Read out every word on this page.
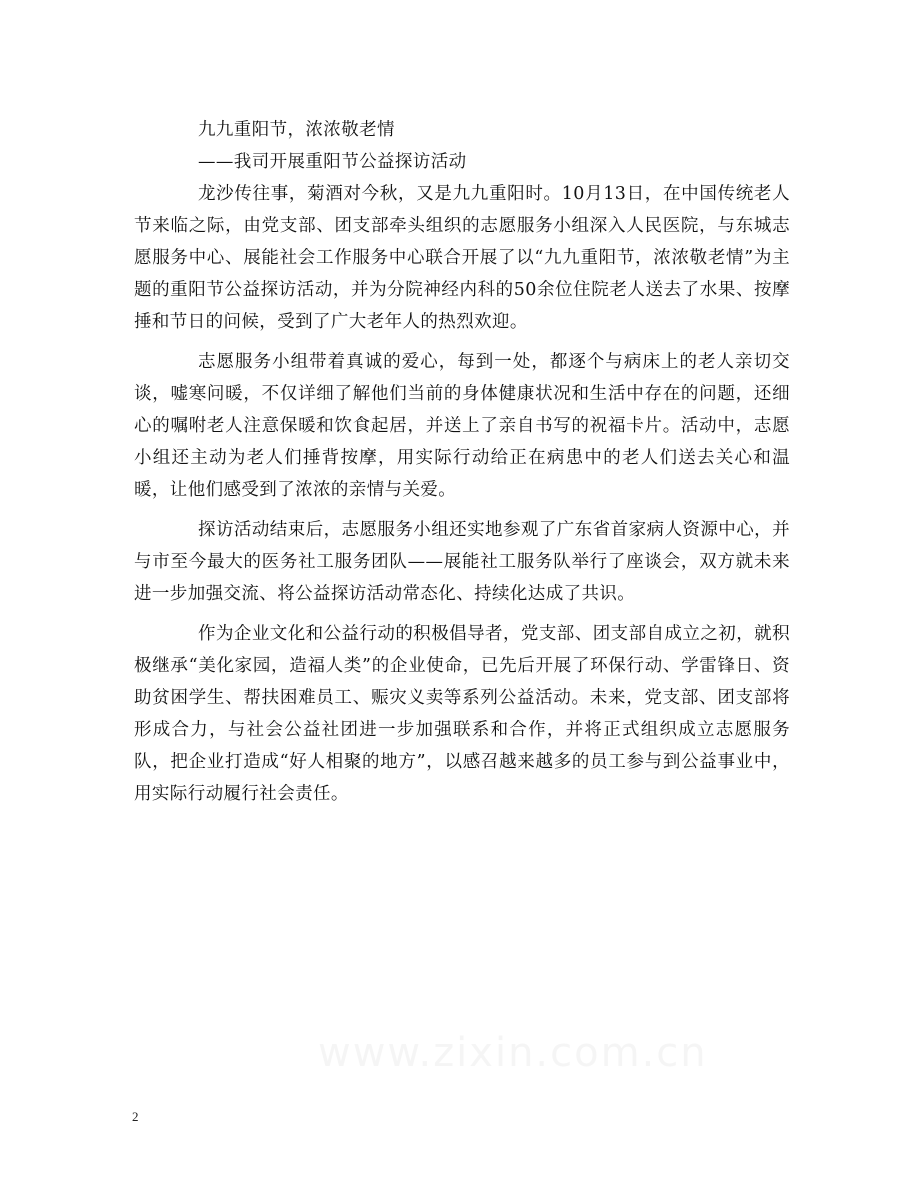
九九重阳节，浓浓敬老情

——我司开展重阳节公益探访活动

龙沙传往事，菊酒对今秋，又是九九重阳时。10月13日，在中国传统老人节来临之际，由党支部、团支部牵头组织的志愿服务小组深入人民医院，与东城志愿服务中心、展能社会工作服务中心联合开展了以“九九重阳节，浓浓敬老情”为主题的重阳节公益探访活动，并为分院神经内科的50余位住院老人送去了水果、按摩捶和节日的问候，受到了广大老年人的热烈欢迎。

志愿服务小组带着真诚的爱心，每到一处，都逐个与病床上的老人亲切交谈，嘘寒问暖，不仅详细了解他们当前的身体健康状况和生活中存在的问题，还细心的嘱咐老人注意保暖和饮食起居，并送上了亲自书写的祝福卡片。活动中，志愿小组还主动为老人们捶背按摩，用实际行动给正在病患中的老人们送去关心和温暖，让他们感受到了浓浓的亲情与关爱。

探访活动结束后，志愿服务小组还实地参观了广东省首家病人资源中心，并与市至今最大的医务社工服务团队——展能社工服务队举行了座谈会，双方就未来进一步加强交流、将公益探访活动常态化、持续化达成了共识。

作为企业文化和公益行动的积极倡导者，党支部、团支部自成立之初，就积极继承“美化家园，造福人类”的企业使命，已先后开展了环保行动、学雷锋日、资助贫困学生、帮扶困难员工、赈灾义卖等系列公益活动。未来，党支部、团支部将形成合力，与社会公益社团进一步加强联系和合作，并将正式组织成立志愿服务队，把企业打造成“好人相聚的地方”，以感召越来越多的员工参与到公益事业中，用实际行动履行社会责任。

www.zixin.com.cn
2
